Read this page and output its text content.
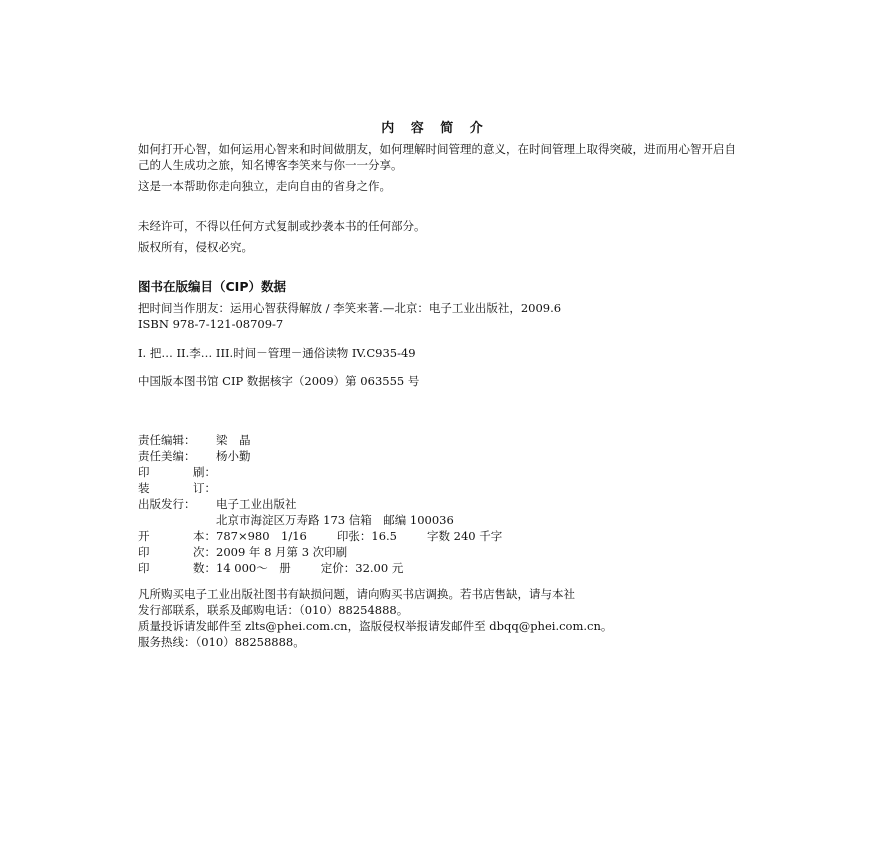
内 容 简 介

如何打开心智，如何运用心智来和时间做朋友，如何理解时间管理的意义，在时间管理上取得突破，进而用心智开启自己的人生成功之旅，知名博客李笑来与你一一分享。

这是一本帮助你走向独立，走向自由的省身之作。

未经许可，不得以任何方式复制或抄袭本书的任何部分。

版权所有，侵权必究。

图书在版编目（CIP）数据
把时间当作朋友：运用心智获得解放 / 李笑来著.—北京：电子工业出版社，2009.6
ISBN 978-7-121-08709-7
I. 把… II.李… III.时间－管理－通俗读物 IV.C935-49
中国版本图书馆 CIP 数据核字（2009）第 063555 号
责任编辑：	梁　晶
责任美编：	杨小勤
印	刷：
装	订：
出版发行：	电子工业出版社
北京市海淀区万寿路 173 信箱　邮编 100036
开	本： 787×980　1/16	印张：16.5	字数 240 千字
印	次： 2009 年 8 月第 3 次印刷
印	数： 14 000～　册	定价：32.00 元

凡所购买电子工业出版社图书有缺损问题，请向购买书店调换。若书店售缺，请与本社

发行部联系，联系及邮购电话：（010）88254888。

质量投诉请发邮件至 zlts@phei.com.cn，盗版侵权举报请发邮件至 dbqq@phei.com.cn。

服务热线：（010）88258888。
